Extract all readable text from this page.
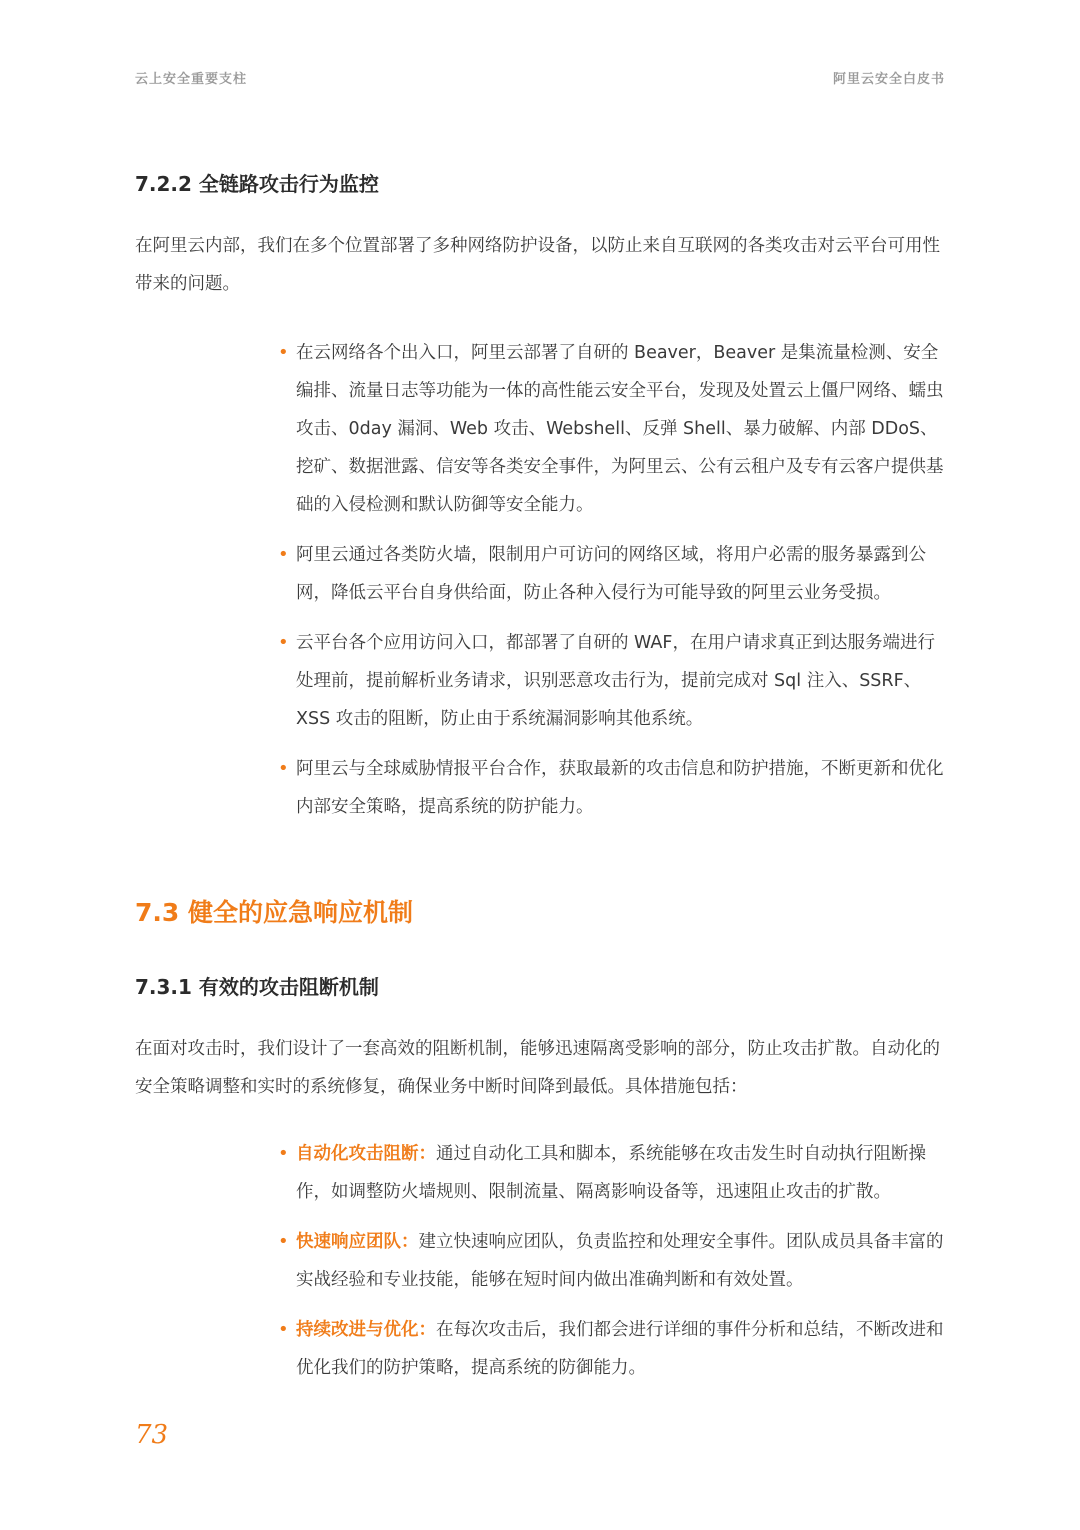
云上安全重要支柱	阿里云安全白皮书
7.2.2 全链路攻击行为监控

在阿里云内部，我们在多个位置部署了多种网络防护设备，以防止来自互联网的各类攻击对云平台可用性带来的问题。

• 在云网络各个出入口，阿里云部署了自研的 Beaver，Beaver 是集流量检测、安全编排、流量日志等功能为一体的高性能云安全平台，发现及处置云上僵尸网络、蠕虫攻击、0day 漏洞、Web 攻击、Webshell、反弹 Shell、暴力破解、内部 DDoS、挖矿、数据泄露、信安等各类安全事件，为阿里云、公有云租户及专有云客户提供基础的入侵检测和默认防御等安全能力。
• 阿里云通过各类防火墙，限制用户可访问的网络区域，将用户必需的服务暴露到公网，降低云平台自身供给面，防止各种入侵行为可能导致的阿里云业务受损。
• 云平台各个应用访问入口，都部署了自研的 WAF，在用户请求真正到达服务端进行处理前，提前解析业务请求，识别恶意攻击行为，提前完成对 Sql 注入、SSRF、XSS 攻击的阻断，防止由于系统漏洞影响其他系统。
• 阿里云与全球威胁情报平台合作，获取最新的攻击信息和防护措施，不断更新和优化内部安全策略，提高系统的防护能力。
7.3 健全的应急响应机制
7.3.1 有效的攻击阻断机制

在面对攻击时，我们设计了一套高效的阻断机制，能够迅速隔离受影响的部分，防止攻击扩散。自动化的安全策略调整和实时的系统修复，确保业务中断时间降到最低。具体措施包括：

• 自动化攻击阻断：通过自动化工具和脚本，系统能够在攻击发生时自动执行阻断操作，如调整防火墙规则、限制流量、隔离影响设备等，迅速阻止攻击的扩散。
• 快速响应团队：建立快速响应团队，负责监控和处理安全事件。团队成员具备丰富的实战经验和专业技能，能够在短时间内做出准确判断和有效处置。
• 持续改进与优化：在每次攻击后，我们都会进行详细的事件分析和总结，不断改进和优化我们的防护策略，提高系统的防御能力。
73
